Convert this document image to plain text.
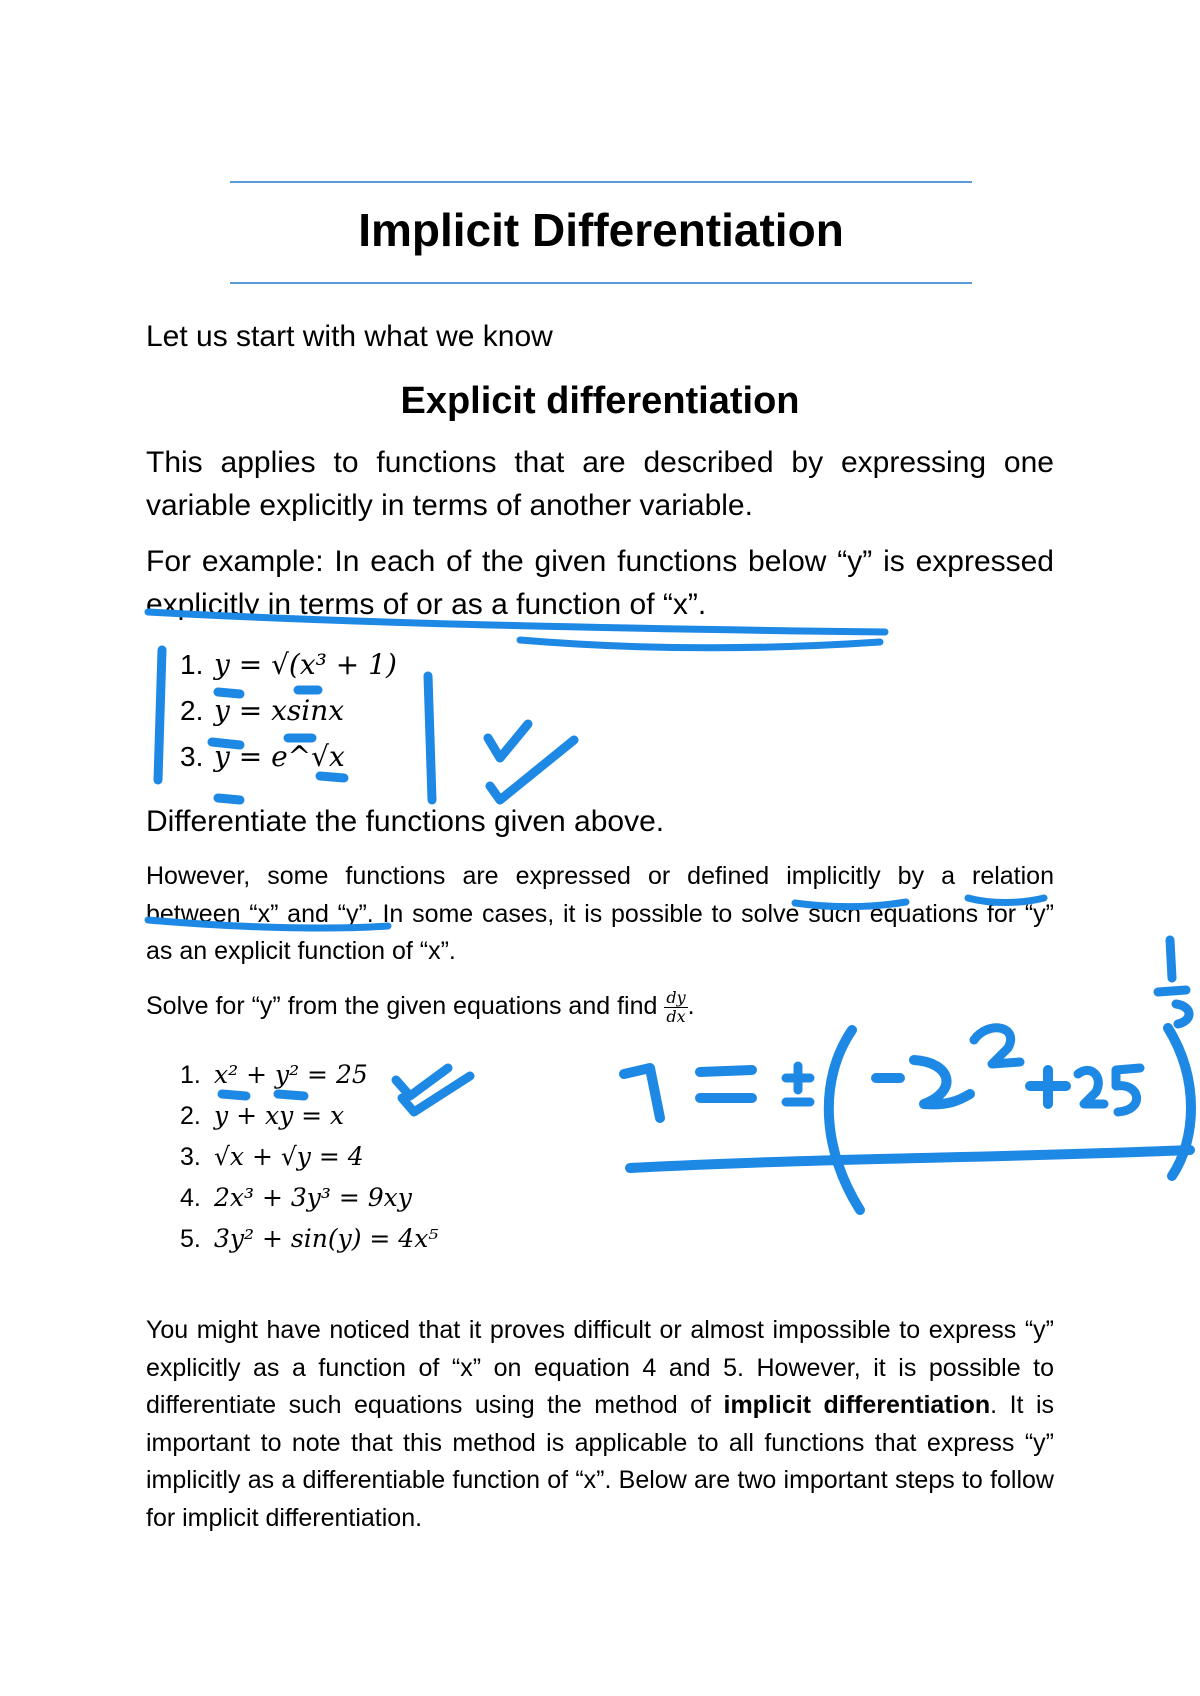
Implicit Differentiation
Let us start with what we know
Explicit differentiation
This applies to functions that are described by expressing one variable explicitly in terms of another variable.
For example: In each of the given functions below “y” is expressed explicitly in terms of or as a function of “x”.
1. y = √(x³ + 1)
2. y = xsinx
3. y = e^√x
Differentiate the functions given above.
However, some functions are expressed or defined implicitly by a relation between “x” and “y”. In some cases, it is possible to solve such equations for “y” as an explicit function of “x”.
Solve for “y” from the given equations and find $\frac{dy}{dx}$ .
1. x² + y² = 25
2. y + xy = x
3. √x + √y = 4
4. 2x³ + 3y³ = 9xy
5. 3y² + sin(y) = 4x⁵
You might have noticed that it proves difficult or almost impossible to express “y” explicitly as a function of “x” on equation 4 and 5. However, it is possible to differentiate such equations using the method of implicit differentiation. It is important to note that this method is applicable to all functions that express “y” implicitly as a differentiable function of “x”. Below are two important steps to follow for implicit differentiation.
